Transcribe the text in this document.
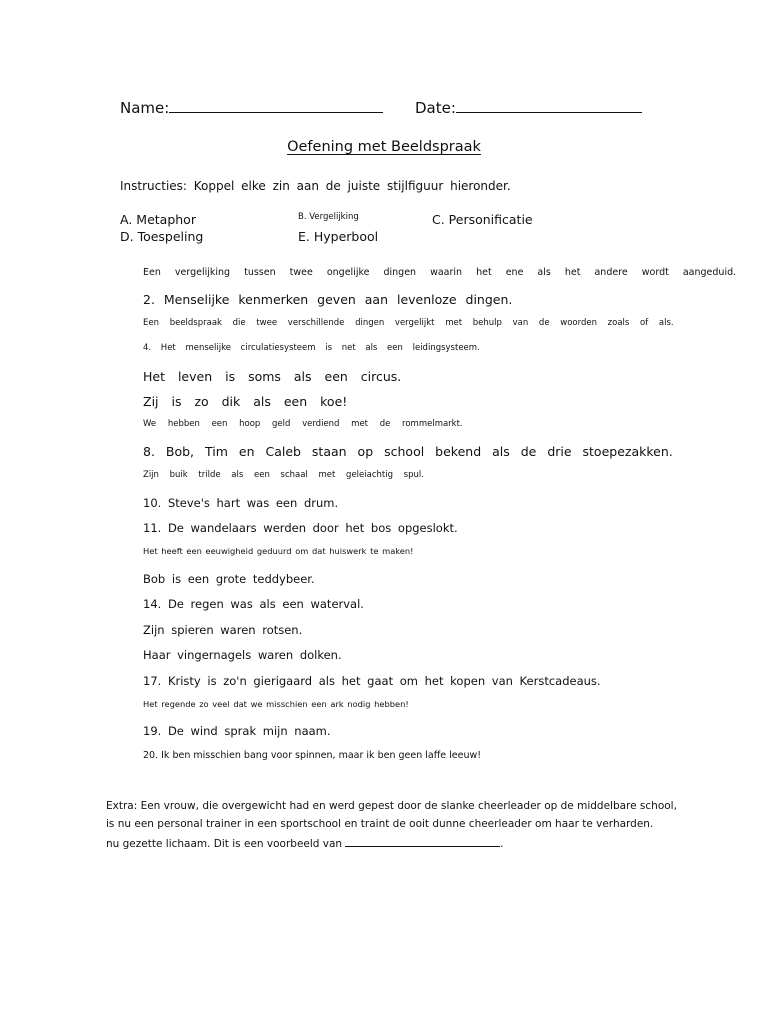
Name:	Date:
Oefening met Beeldspraak
Instructies: Koppel elke zin aan de juiste stijlfiguur hieronder.
A. Metaphor	B. Vergelijking	C. Personificatie
D. Toespeling	E. Hyperbool
Een vergelijking tussen twee ongelijke dingen waarin het ene als het andere wordt aangeduid.
2. Menselijke kenmerken geven aan levenloze dingen.
Een beeldspraak die twee verschillende dingen vergelijkt met behulp van de woorden zoals of als.
4. Het menselijke circulatiesysteem is net als een leidingsysteem.
Het leven is soms als een circus.
Zij is zo dik als een koe!
We hebben een hoop geld verdiend met de rommelmarkt.
8. Bob, Tim en Caleb staan op school bekend als de drie stoepezakken.
Zijn buik trilde als een schaal met geleiachtig spul.
10. Steve's hart was een drum.
11. De wandelaars werden door het bos opgeslokt.
Het heeft een eeuwigheid geduurd om dat huiswerk te maken!
Bob is een grote teddybeer.
14. De regen was als een waterval.
Zijn spieren waren rotsen.
Haar vingernagels waren dolken.
17. Kristy is zo'n gierigaard als het gaat om het kopen van Kerstcadeaus.
Het regende zo veel dat we misschien een ark nodig hebben!
19. De wind sprak mijn naam.
20. Ik ben misschien bang voor spinnen, maar ik ben geen laffe leeuw!
Extra: Een vrouw, die overgewicht had en werd gepest door de slanke cheerleader op de middelbare school,
is nu een personal trainer in een sportschool en traint de ooit dunne cheerleader om haar te verharden.
nu gezette lichaam. Dit is een voorbeeld van	.
